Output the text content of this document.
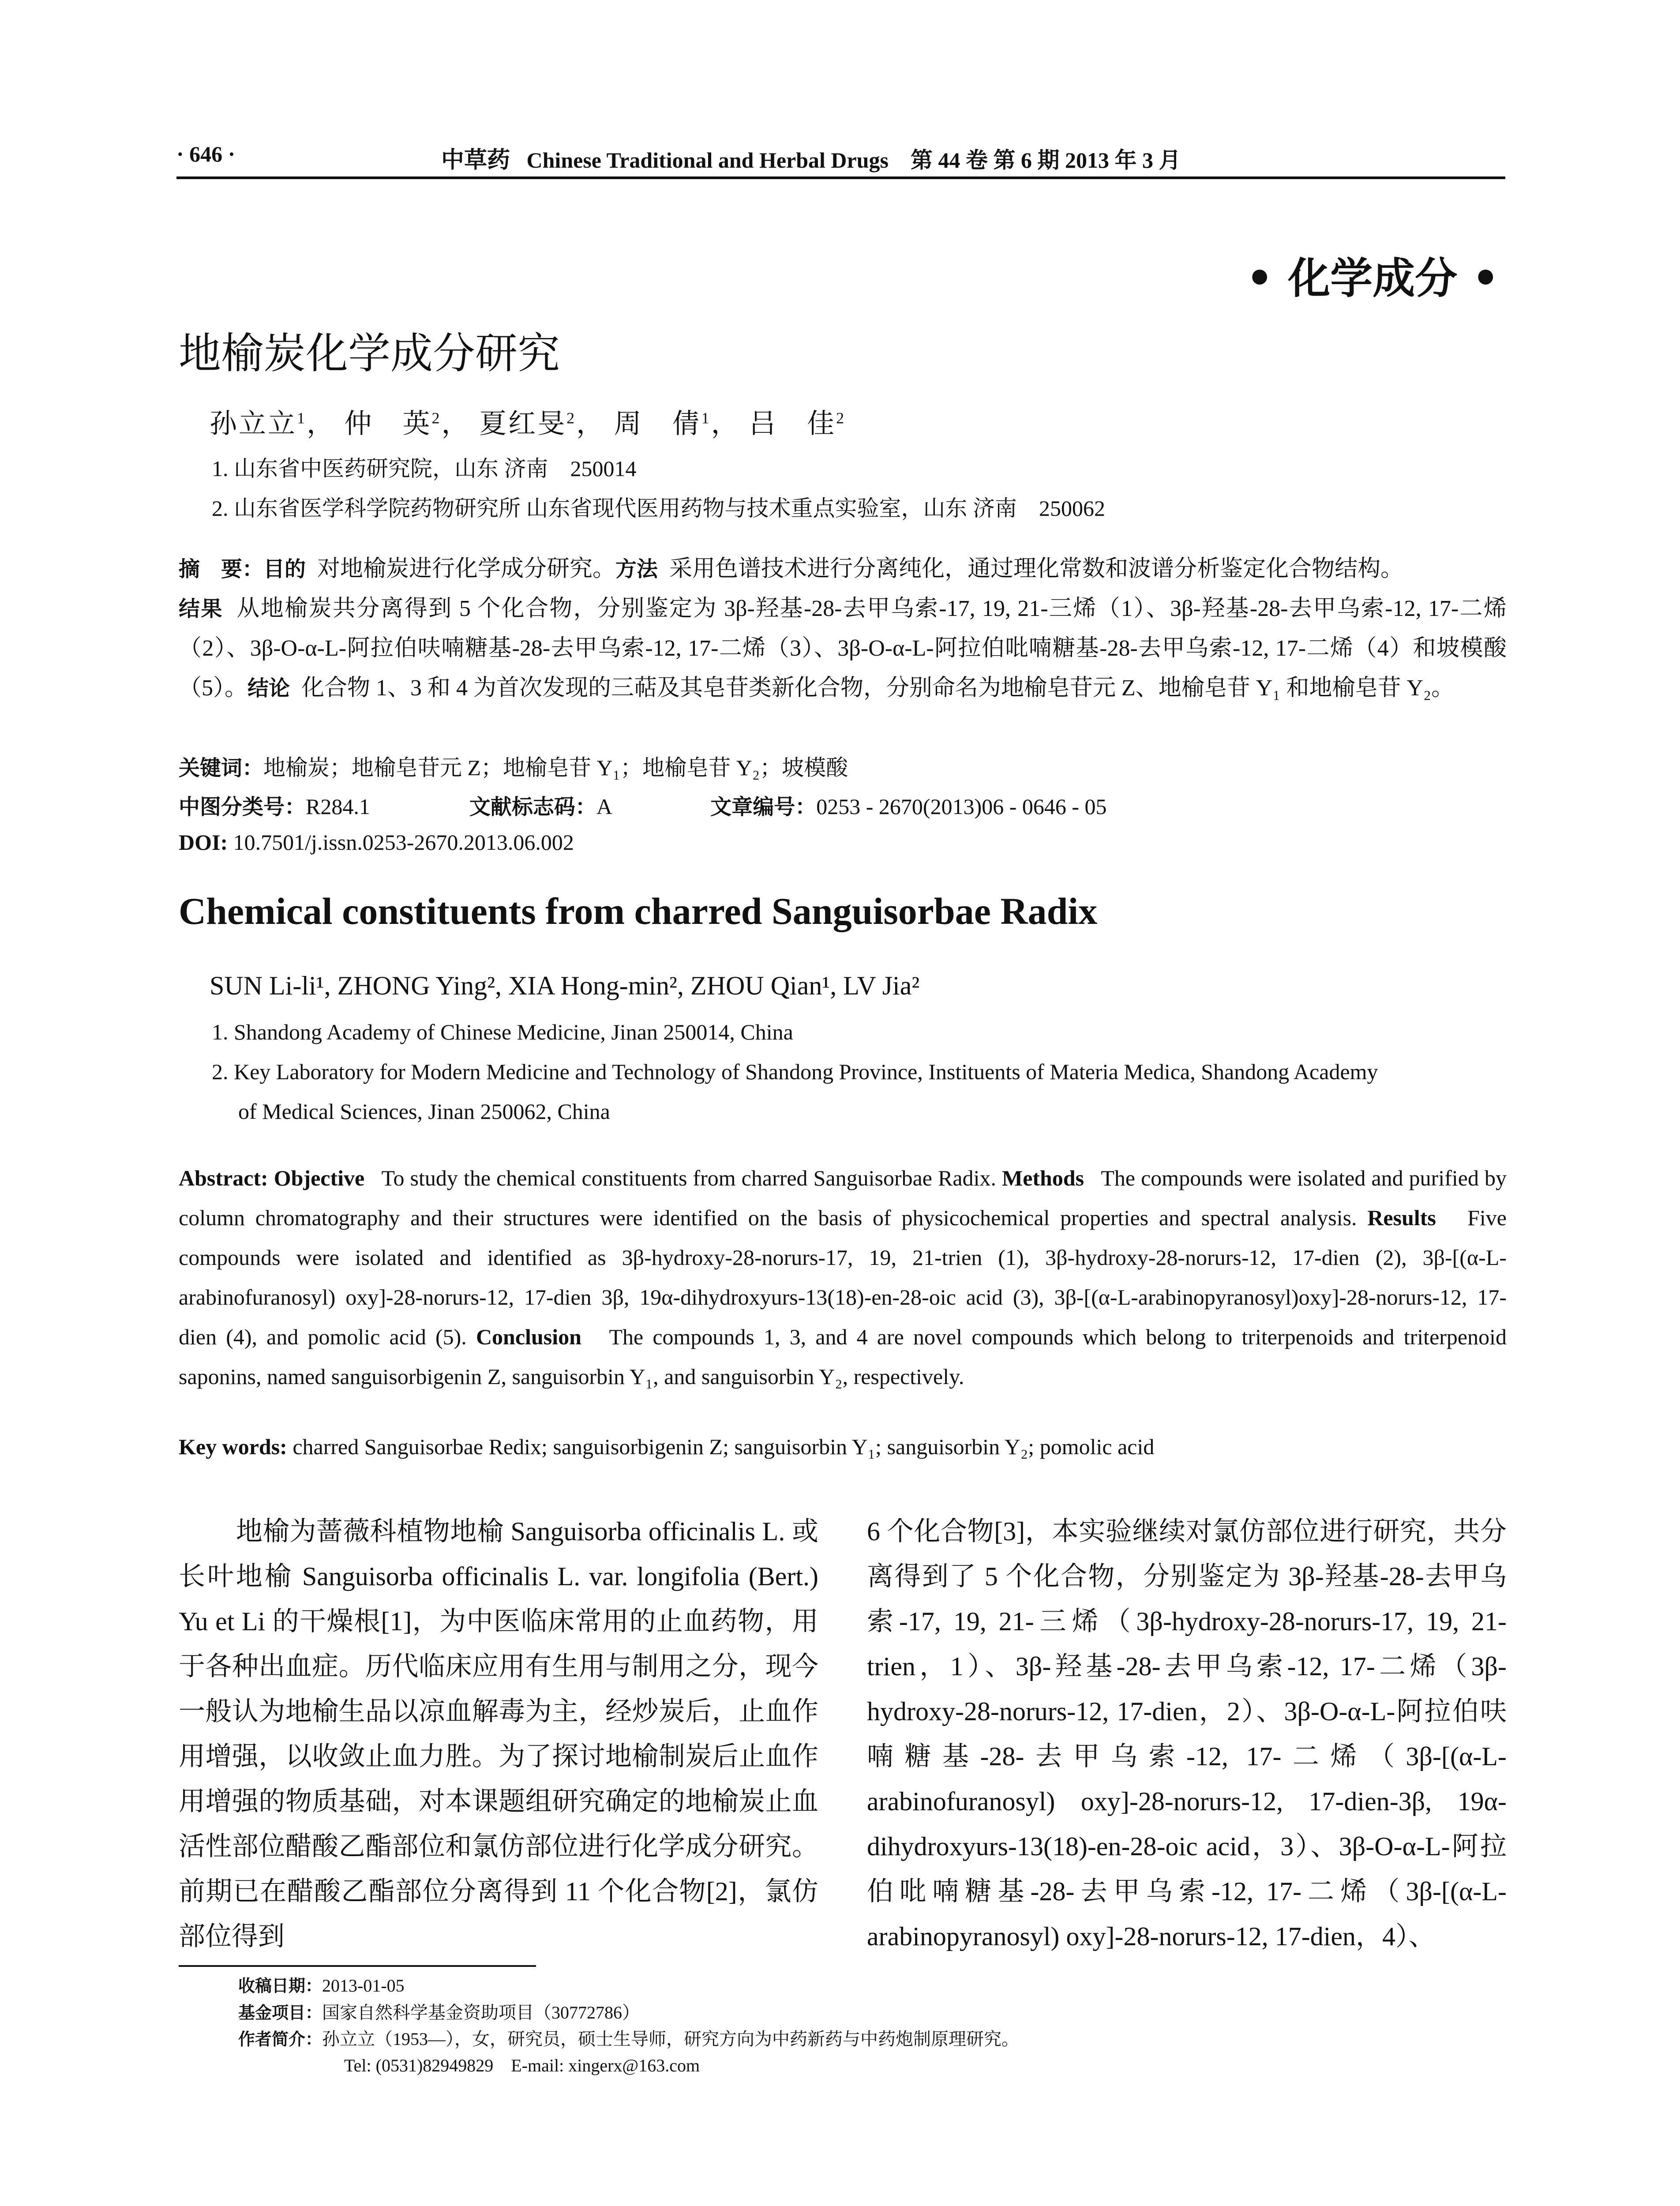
· 646 ·	中草药 Chinese Traditional and Herbal Drugs 第 44 卷 第 6 期 2013 年 3 月
• 化学成分 •
地榆炭化学成分研究
孙立立$^1$， 仲　英$^2$， 夏红旻$^2$， 周　倩$^1$， 吕　佳$^2$
1. 山东省中医药研究院，山东 济南　250014
2. 山东省医学科学院药物研究所 山东省现代医用药物与技术重点实验室，山东 济南　250062
摘　要：目的 对地榆炭进行化学成分研究。方法 采用色谱技术进行分离纯化，通过理化常数和波谱分析鉴定化合物结构。
结果 从地榆炭共分离得到 5 个化合物，分别鉴定为 3β-羟基-28-去甲乌索-17, 19, 21-三烯（1）、3β-羟基-28-去甲乌索-12, 17-二烯（2）、3β-O-α-L-阿拉伯呋喃糖基-28-去甲乌索-12, 17-二烯（3）、3β-O-α-L-阿拉伯吡喃糖基-28-去甲乌索-12, 17-二烯（4）和坡模酸（5）。结论 化合物 1、3 和 4 为首次发现的三萜及其皂苷类新化合物，分别命名为地榆皂苷元 Z、地榆皂苷 Y₁ 和地榆皂苷 Y₂。
关键词：地榆炭；地榆皂苷元 Z；地榆皂苷 Y₁；地榆皂苷 Y₂；坡模酸
中图分类号：R284.1	文献标志码：A	文章编号：0253 - 2670(2013)06 - 0646 - 05
DOI: 10.7501/j.issn.0253-2670.2013.06.002
Chemical constituents from charred Sanguisorbae Radix
SUN Li-li¹, ZHONG Ying², XIA Hong-min², ZHOU Qian¹, LV Jia²
1. Shandong Academy of Chinese Medicine, Jinan 250014, China
2. Key Laboratory for Modern Medicine and Technology of Shandong Province, Instituents of Materia Medica, Shandong Academy
of Medical Sciences, Jinan 250062, China
Abstract: Objective To study the chemical constituents from charred Sanguisorbae Radix. Methods The compounds were isolated and purified by column chromatography and their structures were identified on the basis of physicochemical properties and spectral analysis. Results Five compounds were isolated and identified as 3β-hydroxy-28-norurs-17, 19, 21-trien (1), 3β-hydroxy-28-norurs-12, 17-dien (2), 3β-[(α-L-arabinofuranosyl) oxy]-28-norurs-12, 17-dien 3β, 19α-dihydroxyurs-13(18)-en-28-oic acid (3), 3β-[(α-L-arabinopyranosyl)oxy]-28-norurs-12, 17-dien (4), and pomolic acid (5). Conclusion The compounds 1, 3, and 4 are novel compounds which belong to triterpenoids and triterpenoid saponins, named sanguisorbigenin Z, sanguisorbin Y₁, and sanguisorbin Y₂, respectively.
Key words: charred Sanguisorbae Redix; sanguisorbigenin Z; sanguisorbin Y₁; sanguisorbin Y₂; pomolic acid

地榆为蔷薇科植物地榆 Sanguisorba officinalis L. 或长叶地榆 Sanguisorba officinalis L. var. longifolia (Bert.) Yu et Li 的干燥根[1]，为中医临床常用的止血药物，用于各种出血症。历代临床应用有生用与制用之分，现今一般认为地榆生品以凉血解毒为主，经炒炭后，止血作用增强，以收敛止血力胜。为了探讨地榆制炭后止血作用增强的物质基础，对本课题组研究确定的地榆炭止血活性部位醋酸乙酯部位和氯仿部位进行化学成分研究。前期已在醋酸乙酯部位分离得到 11 个化合物[2]，氯仿部位得到

6 个化合物[3]，本实验继续对氯仿部位进行研究，共分离得到了 5 个化合物，分别鉴定为 3β-羟基-28-去甲乌索-17, 19, 21-三烯（3β-hydroxy-28-norurs-17, 19, 21-trien，1）、3β-羟基-28-去甲乌索-12, 17-二烯（3β-hydroxy-28-norurs-12, 17-dien，2）、3β-O-α-L-阿拉伯呋喃糖基-28-去甲乌索-12, 17-二烯（3β-[(α-L-arabinofuranosyl) oxy]-28-norurs-12, 17-dien-3β, 19α-dihydroxyurs-13(18)-en-28-oic acid，3）、3β-O-α-L-阿拉伯吡喃糖基-28-去甲乌索-12, 17-二烯（3β-[(α-L-arabinopyranosyl) oxy]-28-norurs-12, 17-dien，4）、

收稿日期：2013-01-05
基金项目：国家自然科学基金资助项目（30772786）
作者简介：孙立立（1953—），女，研究员，硕士生导师，研究方向为中药新药与中药炮制原理研究。
Tel: (0531)82949829　E-mail: xingerx@163.com
